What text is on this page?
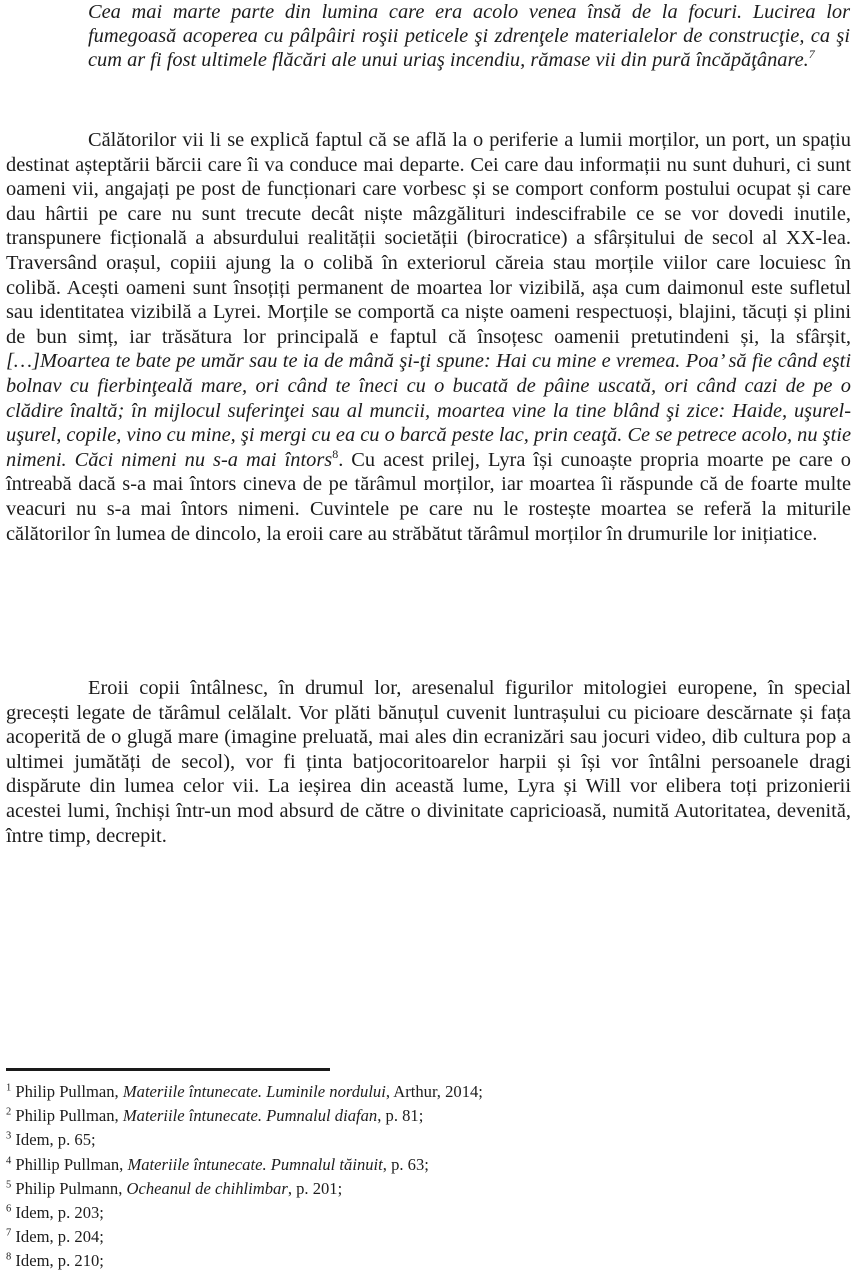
Cea mai marte parte din lumina care era acolo venea însă de la focuri. Lucirea lor fumegoasă acoperea cu pâlpâiri roşii peticele şi zdrenţele materialelor de construcţie, ca şi cum ar fi fost ultimele flăcări ale unui uriaş incendiu, rămase vii din pură încăpăţânare.$^7$

Călătorilor vii li se explică faptul că se află la o periferie a lumii morților, un port, un spațiu destinat așteptării bărcii care îi va conduce mai departe. Cei care dau informații nu sunt duhuri, ci sunt oameni vii, angajați pe post de funcționari care vorbesc și se comport conform postului ocupat și care dau hârtii pe care nu sunt trecute decât niște mâzgălituri indescifrabile ce se vor dovedi inutile, transpunere ficțională a absurdului realității societății (birocratice) a sfârșitului de secol al XX-lea. Traversând orașul, copiii ajung la o colibă în exteriorul căreia stau morțile viilor care locuiesc în colibă. Acești oameni sunt însoțiți permanent de moartea lor vizibilă, așa cum daimonul este sufletul sau identitatea vizibilă a Lyrei. Morțile se comportă ca niște oameni respectuoși, blajini, tăcuți și plini de bun simț, iar trăsătura lor principală e faptul că însoțesc oamenii pretutindeni și, la sfârșit, […]Moartea te bate pe umăr sau te ia de mână şi-ţi spune: Hai cu mine e vremea. Poa’ să fie când eşti bolnav cu fierbinţeală mare, ori când te îneci cu o bucată de pâine uscată, ori când cazi de pe o clădire înaltă; în mijlocul suferinţei sau al muncii, moartea vine la tine blând şi zice: Haide, uşurel-uşurel, copile, vino cu mine, şi mergi cu ea cu o barcă peste lac, prin ceaţă. Ce se petrece acolo, nu ştie nimeni. Căci nimeni nu s-a mai întors$^8$. Cu acest prilej, Lyra își cunoaște propria moarte pe care o întreabă dacă s-a mai întors cineva de pe tărâmul morților, iar moartea îi răspunde că de foarte multe veacuri nu s-a mai întors nimeni. Cuvintele pe care nu le rostește moartea se referă la miturile călătorilor în lumea de dincolo, la eroii care au străbătut tărâmul morților în drumurile lor inițiatice.

Eroii copii întâlnesc, în drumul lor, aresenalul figurilor mitologiei europene, în special grecești legate de tărâmul celălalt. Vor plăti bănuțul cuvenit luntrașului cu picioare descărnate și fața acoperită de o glugă mare (imagine preluată, mai ales din ecranizări sau jocuri video, dib cultura pop a ultimei jumătăți de secol), vor fi ținta batjocoritoarelor harpii și își vor întâlni persoanele dragi dispărute din lumea celor vii. La ieșirea din această lume, Lyra și Will vor elibera toți prizonierii acestei lumi, închiși într-un mod absurd de către o divinitate capricioasă, numită Autoritatea, devenită, între timp, decrepit.

$^1$ Philip Pullman, Materiile întunecate. Luminile nordului, Arthur, 2014;
$^2$ Philip Pullman, Materiile întunecate. Pumnalul diafan, p. 81;
$^3$ Idem, p. 65;
$^4$ Phillip Pullman, Materiile întunecate. Pumnalul tăinuit, p. 63;
$^5$ Philip Pulmann, Ocheanul de chihlimbar, p. 201;
$^6$ Idem, p. 203;
$^7$ Idem, p. 204;
$^8$ Idem, p. 210;
